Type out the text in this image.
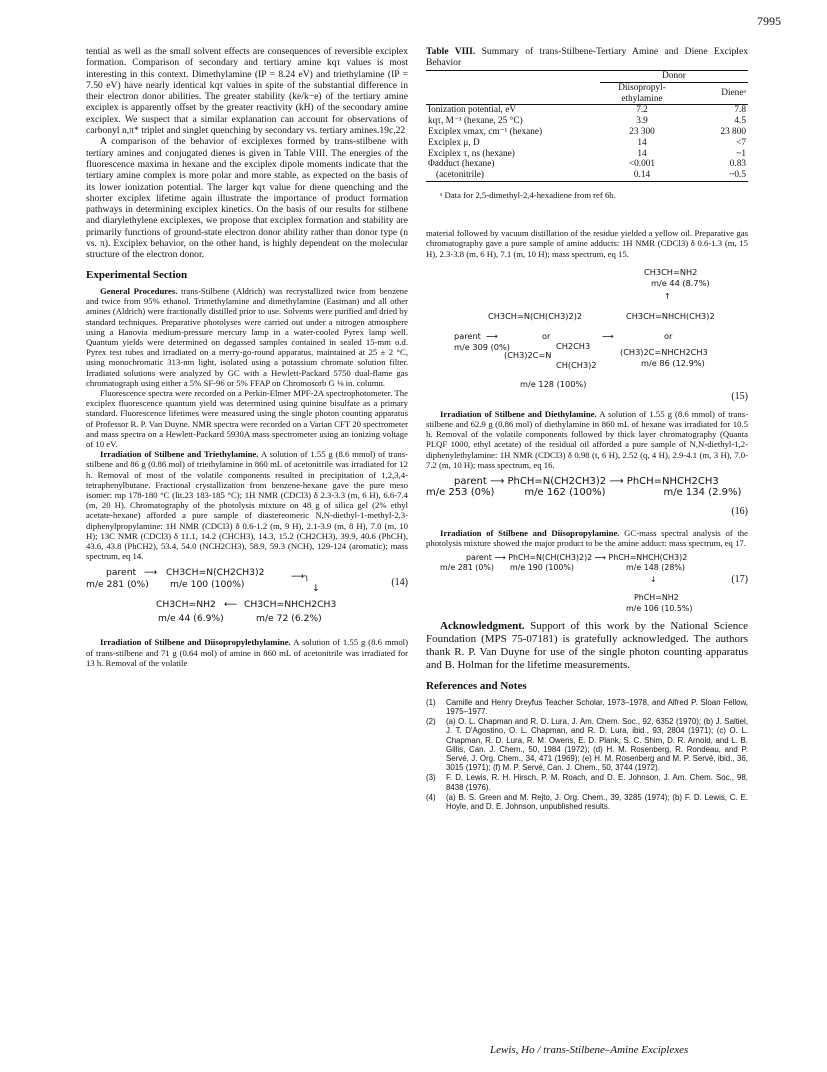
7995

tential as well as the small solvent effects are consequences of reversible exciplex formation. Comparison of secondary and tertiary amine kqτ values is most interesting in this context. Dimethylamine (IP = 8.24 eV) and triethylamine (IP = 7.50 eV) have nearly identical kqτ values in spite of the substantial difference in their electron donor abilities. The greater stability (ke/k−e) of the tertiary amine exciplex is apparently offset by the greater reactivity (kH) of the secondary amine exciplex. We suspect that a similar explanation can account for observations of carbonyl n,π* triplet and singlet quenching by secondary vs. tertiary amines.19c,22

A comparison of the behavior of exciplexes formed by trans-stilbene with tertiary amines and conjugated dienes is given in Table VIII. The energies of the fluorescence maxima in hexane and the exciplex dipole moments indicate that the tertiary amine complex is more polar and more stable, as expected on the basis of its lower ionization potential. The larger kqτ value for diene quenching and the shorter exciplex lifetime again illustrate the importance of product formation pathways in determining exciplex kinetics. On the basis of our results for stilbene and diarylethylene exciplexes, we propose that exciplex formation and stability are primarily functions of ground-state electron donor ability rather than donor type (n vs. π). Exciplex behavior, on the other hand, is highly dependent on the molecular structure of the electron donor.

Experimental Section

General Procedures. trans-Stilbene (Aldrich) was recrystallized twice from benzene and twice from 95% ethanol. Trimethylamine and dimethylamine (Eastman) and all other amines (Aldrich) were fractionally distilled prior to use. Solvents were purified and dried by standard techniques. Preparative photolyses were carried out under a nitrogen atmosphere using a Hanovia medium-pressure mercury lamp in a water-cooled Pyrex lamp well. Quantum yields were determined on degassed samples contained in sealed 15-mm o.d. Pyrex test tubes and irradiated on a merry-go-round apparatus, maintained at 25 ± 2 °C, using monochromatic 313-nm light, isolated using a potassium chromate solution filter. Irradiated solutions were analyzed by GC with a Hewlett-Packard 5750 dual-flame gas chromatograph using either a 5% SF-96 or 5% FFAP on Chromosorb G ⅛ in. column.

Fluorescence spectra were recorded on a Perkin-Elmer MPF-2A spectrophotometer. The exciplex fluorescence quantum yield was determined using quinine bisulfate as a primary standard. Fluorescence lifetimes were measured using the single photon counting apparatus of Professor R. P. Van Duyne. NMR spectra were recorded on a Varian CFT 20 spectrometer and mass spectra on a Hewlett-Packard 5930A mass spectrometer using an ionizing voltage of 10 eV.

Irradiation of Stilbene and Triethylamine. A solution of 1.55 g (8.6 mmol) of trans-stilbene and 86 g (0.86 mol) of triethylamine in 860 mL of acetonitrile was irradiated for 12 h. Removal of most of the volatile components resulted in precipitation of 1,2,3,4-tetraphenylbutane. Fractional crystallization from benzene-hexane gave the pure meso isomer: mp 178-180 °C (lit.23 183-185 °C); 1H NMR (CDCl3) δ 2.3-3.3 (m, 6 H), 6.6-7.4 (m, 20 H). Chromatography of the photolysis mixture on 48 g of silica gel (2% ethyl acetate-hexane) afforded a pure sample of diastereomeric N,N-diethyl-1-methyl-2,3-diphenylpropylamine: 1H NMR (CDCl3) δ 0.6-1.2 (m, 9 H), 2.1-3.9 (m, 8 H), 7.0 (m, 10 H); 13C NMR (CDCl3) δ 11.1, 14.2 (CHCH3), 14.3, 15.2 (CH2CH3), 39.9, 40.6 (PhCH), 43.6, 43.8 (PhCH2), 53.4, 54.0 (NCH2CH3), 58.9, 59.3 (NCH), 129-124 (aromatic); mass spectrum, eq 14.

parent ⟶ CH3CH=N(CH2CH3)2
m/e 281 (0%) m/e 100 (100%)
⟶╮
↓
(14)
CH3CH=NH2 ⟵ CH3CH=NHCH2CH3
m/e 44 (6.9%)	m/e 72 (6.2%)

Irradiation of Stilbene and Diisopropylethylamine. A solution of 1.55 g (8.6 mmol) of trans-stilbene and 71 g (0.64 mol) of amine in 860 mL of acetonitrile was irradiated for 13 h. Removal of the volatile

Table VIII. Summary of trans-Stilbene-Tertiary Amine and Diene Exciplex Behavior
	Donor	
	Diisopropyl-ethylamine	Dieneᵃ
Ionization potential, eV	7.2	7.8
kqτ, M⁻¹ (hexane, 25 °C)	3.9	4.5
Exciplex νmax, cm⁻¹ (hexane)	23 300	23 800
Exciplex μ, D	14	<7
Exciplex τ, ns (hexane)	14	~1
Φadduct (hexane)	<0.001	0.83
(acetonitrile)	0.14	~0.5

ᵃ Data for 2,5-dimethyl-2,4-hexadiene from ref 6b.

material followed by vacuum distillation of the residue yielded a yellow oil. Preparative gas chromatography gave a pure sample of amine adducts: 1H NMR (CDCl3) δ 0.6-1.3 (m, 15 H), 2.3-3.8 (m, 6 H), 7.1 (m, 10 H); mass spectrum, eq 15.

CH3CH=NH2
m/e 44 (8.7%)
↑
CH3CH=N(CH(CH3)2)2	CH3CH=NHCH(CH3)2
parent ⟶	or	⟶	or
m/e 309 (0%)
(CH3)2C=N
CH2CH3
CH(CH3)2
(CH3)2C=NHCH2CH3
m/e 86 (12.9%)
m/e 128 (100%)
(15)

Irradiation of Stilbene and Diethylamine. A solution of 1.55 g (8.6 mmol) of trans-stilbene and 62.9 g (0.86 mol) of diethylamine in 860 mL of hexane was irradiated for 10.5 h. Removal of the volatile components followed by thick layer chromatography (Quanta PLQF 1000, ethyl acetate) of the residual oil afforded a pure sample of N,N-diethyl-1,2-diphenylethylamine: 1H NMR (CDCl3) δ 0.98 (t, 6 H), 2.52 (q, 4 H), 2.9-4.1 (m, 3 H), 7.0-7.2 (m, 10 H); mass spectrum, eq 16.

parent ⟶ PhCH=N(CH2CH3)2 ⟶ PhCH=NHCH2CH3
m/e 253 (0%)	m/e 162 (100%)	m/e 134 (2.9%)
(16)

Irradiation of Stilbene and Diisopropylamine. GC-mass spectral analysis of the photolysis mixture showed the major product to be the amine adduct: mass spectrum, eq 17.

parent ⟶ PhCH=N(CH(CH3)2)2 ⟶ PhCH=NHCH(CH3)2
m/e 281 (0%) m/e 190 (100%)	m/e 148 (28%)
↓	(17)
PhCH=NH2
m/e 106 (10.5%)

Acknowledgment. Support of this work by the National Science Foundation (MPS 75-07181) is gratefully acknowledged. The authors thank R. P. Van Duyne for use of the single photon counting apparatus and B. Holman for the lifetime measurements.

References and Notes
(1)	Camille and Henry Dreyfus Teacher Scholar, 1973–1978, and Alfred P. Sloan Fellow, 1975–1977.
(2)	(a) O. L. Chapman and R. D. Lura, J. Am. Chem. Soc., 92, 6352 (1970); (b) J. Saltiel, J. T. D'Agostino, O. L. Chapman, and R. D. Lura, ibid., 93, 2804 (1971); (c) O. L. Chapman, R. D. Lura, R. M. Owens, E. D. Plank, S. C. Shim, D. R. Arnold, and L. B. Gillis, Can. J. Chem., 50, 1984 (1972); (d) H. M. Rosenberg, R. Rondeau, and P. Servé, J. Org. Chem., 34, 471 (1969); (e) H. M. Rosenberg and M. P. Servé, ibid., 36, 3015 (1971); (f) M. P. Servé, Can. J. Chem., 50, 3744 (1972).
(3)	F. D. Lewis, R. H. Hirsch, P. M. Roach, and D. E. Johnson, J. Am. Chem. Soc., 98, 8438 (1976).
(4)	(a) B. S. Green and M. Rejto, J. Org. Chem., 39, 3285 (1974); (b) F. D. Lewis, C. E. Hoyle, and D. E. Johnson, unpublished results.
Lewis, Ho / trans-Stilbene–Amine Exciplexes
